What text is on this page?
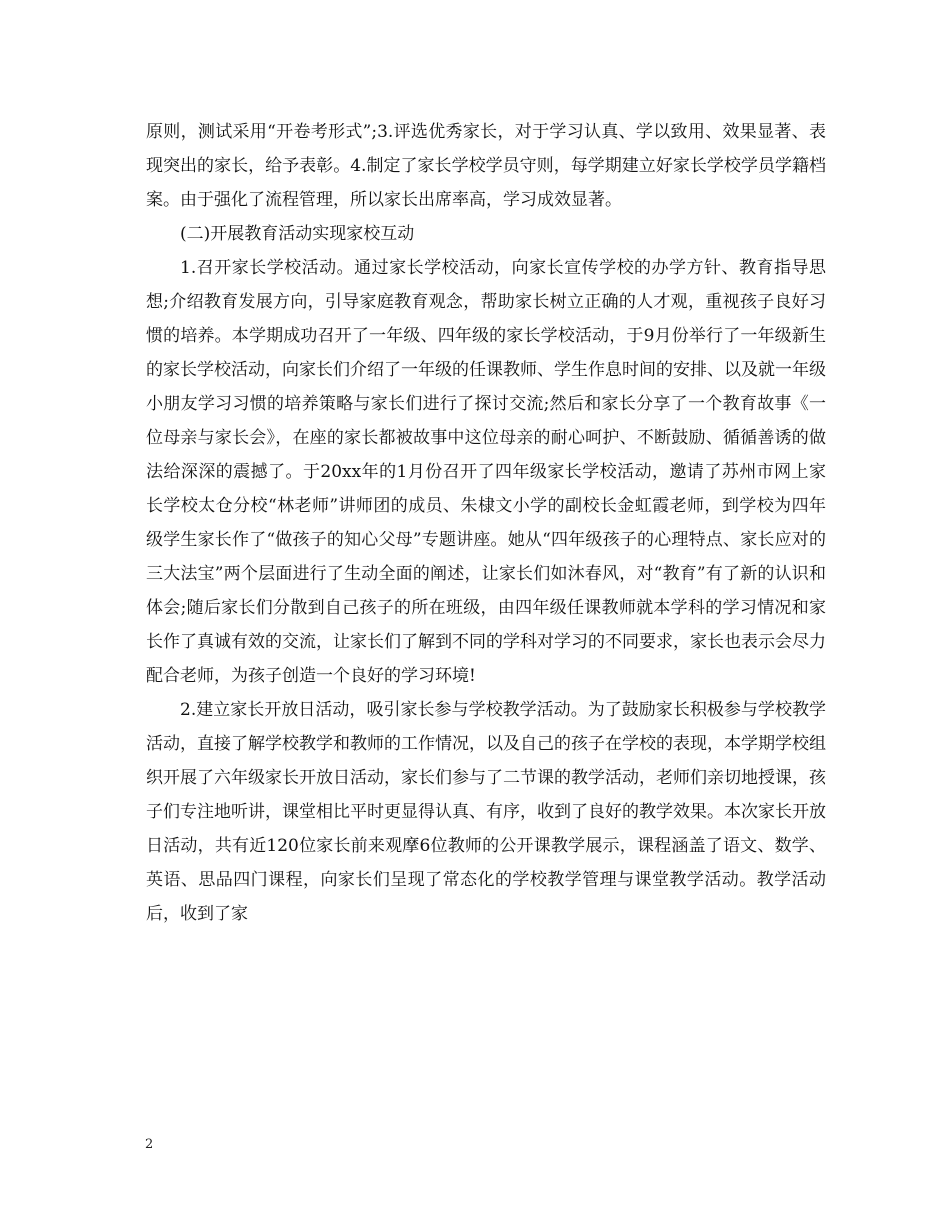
原则，测试采用“开卷考形式”;3.评选优秀家长，对于学习认真、学以致用、效果显著、表现突出的家长，给予表彰。4.制定了家长学校学员守则，每学期建立好家长学校学员学籍档案。由于强化了流程管理，所以家长出席率高，学习成效显著。

(二)开展教育活动实现家校互动

1.召开家长学校活动。通过家长学校活动，向家长宣传学校的办学方针、教育指导思想;介绍教育发展方向，引导家庭教育观念，帮助家长树立正确的人才观，重视孩子良好习惯的培养。本学期成功召开了一年级、四年级的家长学校活动，于9月份举行了一年级新生的家长学校活动，向家长们介绍了一年级的任课教师、学生作息时间的安排、以及就一年级小朋友学习习惯的培养策略与家长们进行了探讨交流;然后和家长分享了一个教育故事《一位母亲与家长会》，在座的家长都被故事中这位母亲的耐心呵护、不断鼓励、循循善诱的做法给深深的震撼了。于20xx年的1月份召开了四年级家长学校活动，邀请了苏州市网上家长学校太仓分校“林老师”讲师团的成员、朱棣文小学的副校长金虹霞老师，到学校为四年级学生家长作了“做孩子的知心父母”专题讲座。她从“四年级孩子的心理特点、家长应对的三大法宝”两个层面进行了生动全面的阐述，让家长们如沐春风，对“教育”有了新的认识和体会;随后家长们分散到自己孩子的所在班级，由四年级任课教师就本学科的学习情况和家长作了真诚有效的交流，让家长们了解到不同的学科对学习的不同要求，家长也表示会尽力配合老师，为孩子创造一个良好的学习环境!

2.建立家长开放日活动，吸引家长参与学校教学活动。为了鼓励家长积极参与学校教学活动，直接了解学校教学和教师的工作情况，以及自己的孩子在学校的表现，本学期学校组织开展了六年级家长开放日活动，家长们参与了二节课的教学活动，老师们亲切地授课，孩子们专注地听讲，课堂相比平时更显得认真、有序，收到了良好的教学效果。本次家长开放日活动，共有近120位家长前来观摩6位教师的公开课教学展示，课程涵盖了语文、数学、英语、思品四门课程，向家长们呈现了常态化的学校教学管理与课堂教学活动。教学活动后，收到了家

2
